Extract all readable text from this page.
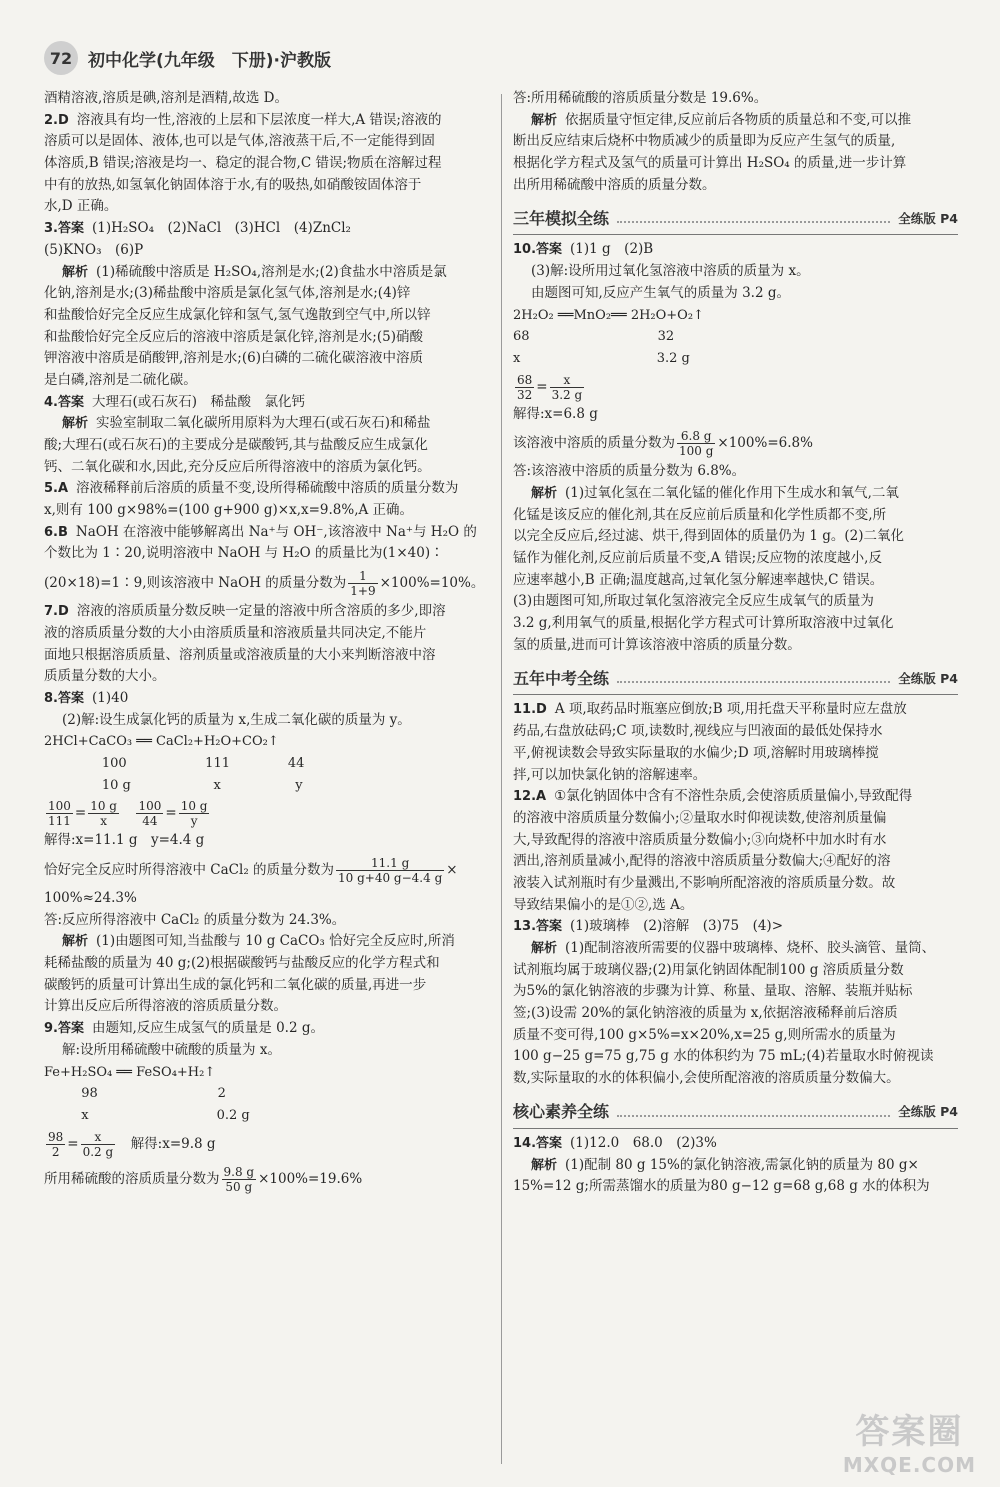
72 初中化学(九年级　下册)·沪教版
酒精溶液,溶质是碘,溶剂是酒精,故选 D。
2.D 溶液具有均一性,溶液的上层和下层浓度一样大,A 错误;溶液的
溶质可以是固体、液体,也可以是气体,溶液蒸干后,不一定能得到固
体溶质,B 错误;溶液是均一、稳定的混合物,C 错误;物质在溶解过程
中有的放热,如氢氧化钠固体溶于水,有的吸热,如硝酸铵固体溶于
水,D 正确。
3.答案 (1)H₂SO₄　(2)NaCl　(3)HCl　(4)ZnCl₂
(5)KNO₃　(6)P
解析 (1)稀硫酸中溶质是 H₂SO₄,溶剂是水;(2)食盐水中溶质是氯
化钠,溶剂是水;(3)稀盐酸中溶质是氯化氢气体,溶剂是水;(4)锌
和盐酸恰好完全反应生成氯化锌和氢气,氢气逸散到空气中,所以锌
和盐酸恰好完全反应后的溶液中溶质是氯化锌,溶剂是水;(5)硝酸
钾溶液中溶质是硝酸钾,溶剂是水;(6)白磷的二硫化碳溶液中溶质
是白磷,溶剂是二硫化碳。
4.答案 大理石(或石灰石)　稀盐酸　氯化钙
解析 实验室制取二氧化碳所用原料为大理石(或石灰石)和稀盐
酸;大理石(或石灰石)的主要成分是碳酸钙,其与盐酸反应生成氯化
钙、二氧化碳和水,因此,充分反应后所得溶液中的溶质为氯化钙。
5.A 溶液稀释前后溶质的质量不变,设所得稀硫酸中溶质的质量分数为
x,则有 100 g×98%=(100 g+900 g)×x,x=9.8%,A 正确。
6.B NaOH 在溶液中能够解离出 Na⁺与 OH⁻,该溶液中 Na⁺与 H₂O 的
个数比为 1∶20,说明溶液中 NaOH 与 H₂O 的质量比为(1×40)∶
(20×18)=1∶9,则该溶液中 NaOH 的质量分数为 $\frac{1}{1+9} \times 100\%=10\%$。
7.D 溶液的溶质质量分数反映一定量的溶液中所含溶质的多少,即溶
液的溶质质量分数的大小由溶质质量和溶液质量共同决定,不能片
面地只根据溶质质量、溶剂质量或溶液质量的大小来判断溶液中溶
质质量分数的大小。
8.答案 (1)40
(2)解:设生成氯化钙的质量为 x,生成二氧化碳的质量为 y。
2HCl+CaCO₃ ══ CaCl₂+H₂O+CO₂↑
100                   111              44
10 g                    x                  y
$\frac{100}{111} = \frac{10 g}{x}$
　 $\frac{100}{44} = \frac{10 g}{y}$
解得:x=11.1 g　y=4.4 g
恰好完全反应时所得溶液中 CaCl₂ 的质量分数为 $\frac{11.1 g}{10 g+40 g-4.4 g}$ ×
100%≈24.3%
答:反应所得溶液中 CaCl₂ 的质量分数为 24.3%。
解析 (1)由题图可知,当盐酸与 10 g CaCO₃ 恰好完全反应时,所消
耗稀盐酸的质量为 40 g;(2)根据碳酸钙与盐酸反应的化学方程式和
碳酸钙的质量可计算出生成的氯化钙和二氧化碳的质量,再进一步
计算出反应后所得溶液的溶质质量分数。
9.答案 由题知,反应生成氢气的质量是 0.2 g。
解:设所用稀硫酸中硫酸的质量为 x。
Fe+H₂SO₄ ══ FeSO₄+H₂↑
98                             2
x                               0.2 g
$\frac{98}{2} = \frac{x}{0.2 g}$
　 解得:x=9.8 g
所用稀硫酸的溶质质量分数为 $\frac{9.8 g}{50 g} \times 100\%=19.6\%$
答:所用稀硫酸的溶质质量分数是 19.6%。
解析 依据质量守恒定律,反应前后各物质的质量总和不变,可以推
断出反应结束后烧杯中物质减少的质量即为反应产生氢气的质量,
根据化学方程式及氢气的质量可计算出 H₂SO₄ 的质量,进一步计算
出所用稀硫酸中溶质的质量分数。
三年模拟全练	全练版 P4
10.答案 (1)1 g　(2)B
(3)解:设所用过氧化氢溶液中溶质的质量为 x。
由题图可知,反应产生氧气的质量为 3.2 g。
2H₂O₂ ══MnO₂══ 2H₂O+O₂↑
68                               32
x                                 3.2 g
$\frac{68}{32} = \frac{x}{3.2 g}$
解得:x=6.8 g
该溶液中溶质的质量分数为 $\frac{6.8 g}{100 g} \times 100\%=6.8\%$
答:该溶液中溶质的质量分数为 6.8%。
解析 (1)过氧化氢在二氧化锰的催化作用下生成水和氧气,二氧
化锰是该反应的催化剂,其在反应前后质量和化学性质都不变,所
以完全反应后,经过滤、烘干,得到固体的质量仍为 1 g。(2)二氧化
锰作为催化剂,反应前后质量不变,A 错误;反应物的浓度越小,反
应速率越小,B 正确;温度越高,过氧化氢分解速率越快,C 错误。
(3)由题图可知,所取过氧化氢溶液完全反应生成氧气的质量为
3.2 g,利用氧气的质量,根据化学方程式可计算所取溶液中过氧化
氢的质量,进而可计算该溶液中溶质的质量分数。
五年中考全练	全练版 P4
11.D A 项,取药品时瓶塞应倒放;B 项,用托盘天平称量时应左盘放
药品,右盘放砝码;C 项,读数时,视线应与凹液面的最低处保持水
平,俯视读数会导致实际量取的水偏少;D 项,溶解时用玻璃棒搅
拌,可以加快氯化钠的溶解速率。
12.A ①氯化钠固体中含有不溶性杂质,会使溶质质量偏小,导致配得
的溶液中溶质质量分数偏小;②量取水时仰视读数,使溶剂质量偏
大,导致配得的溶液中溶质质量分数偏小;③向烧杯中加水时有水
洒出,溶剂质量减小,配得的溶液中溶质质量分数偏大;④配好的溶
液装入试剂瓶时有少量溅出,不影响所配溶液的溶质质量分数。故
导致结果偏小的是①②,选 A。
13.答案 (1)玻璃棒　(2)溶解　(3)75　(4)>
解析 (1)配制溶液所需要的仪器中玻璃棒、烧杯、胶头滴管、量筒、
试剂瓶均属于玻璃仪器;(2)用氯化钠固体配制100 g 溶质质量分数
为5%的氯化钠溶液的步骤为计算、称量、量取、溶解、装瓶并贴标
签;(3)设需 20%的氯化钠溶液的质量为 x,依据溶液稀释前后溶质
质量不变可得,100 g×5%=x×20%,x=25 g,则所需水的质量为
100 g−25 g=75 g,75 g 水的体积约为 75 mL;(4)若量取水时俯视读
数,实际量取的水的体积偏小,会使所配溶液的溶质质量分数偏大。
核心素养全练	全练版 P4
14.答案 (1)12.0　68.0　(2)3%
解析 (1)配制 80 g 15%的氯化钠溶液,需氯化钠的质量为 80 g×
15%=12 g;所需蒸馏水的质量为80 g−12 g=68 g,68 g 水的体积为
答案圈
MXQE.COM
